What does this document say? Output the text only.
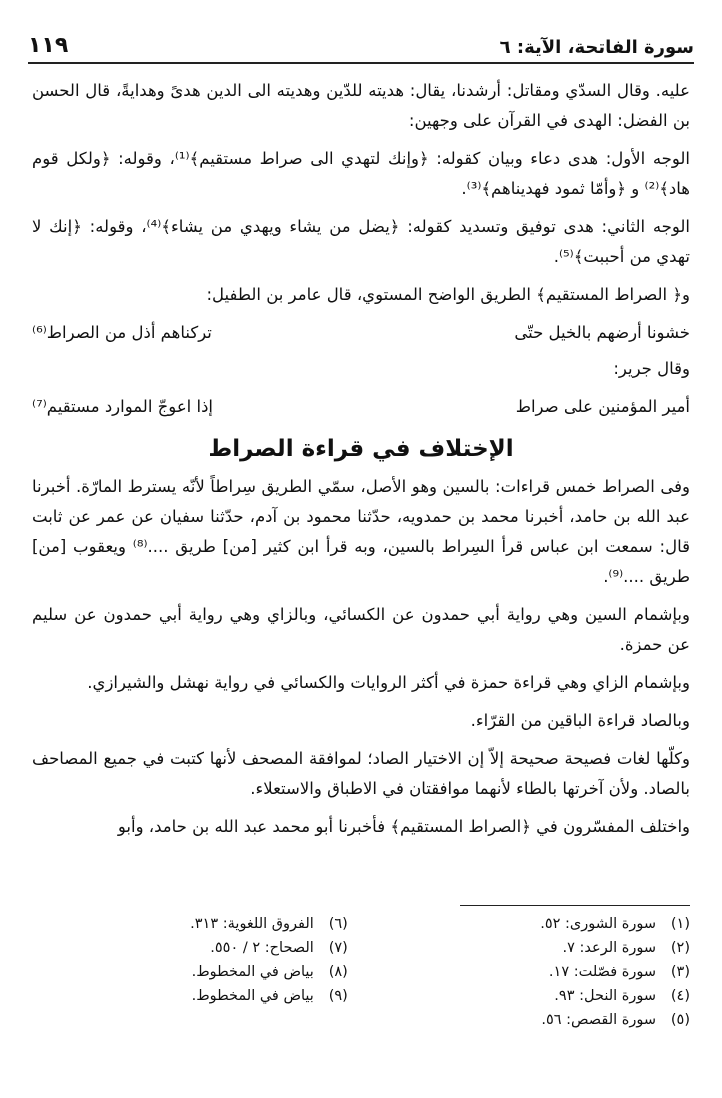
سورة الفاتحة، الآية: ٦
١١٩

عليه. وقال السدّي ومقاتل: أرشدنا، يقال: هديته للدّين وهديته الى الدين هدىً وهدايةً، قال الحسن بن الفضل: الهدى في القرآن على وجهين:

الوجه الأول: هدى دعاء وبيان كقوله: ﴿وإنك لتهدي الى صراط مستقيم﴾⁽¹⁾، وقوله: ﴿ولكل قوم هاد﴾⁽²⁾ و ﴿وأمّا ثمود فهديناهم﴾⁽³⁾.

الوجه الثاني: هدى توفيق وتسديد كقوله: ﴿يضل من يشاء ويهدي من يشاء﴾⁽⁴⁾، وقوله: ﴿إنك لا تهدي من أحببت﴾⁽⁵⁾.

و﴿ الصراط المستقيم﴾ الطريق الواضح المستوي، قال عامر بن الطفيل:

خشونا أرضهم بالخيل حتّى
تركناهم أذل من الصراط⁽⁶⁾

وقال جرير:

أمير المؤمنين على صراط
إذا اعوجّ الموارد مستقيم⁽⁷⁾
الإختلاف في قراءة الصراط

وفى الصراط خمس قراءات: بالسين وهو الأصل، سمّي الطريق سِراطاً لأنّه يسترط المارّة. أخبرنا عبد الله بن حامد، أخبرنا محمد بن حمدويه، حدّثنا محمود بن آدم، حدّثنا سفيان عن عمر عن ثابت قال: سمعت ابن عباس قرأ السِراط بالسين، وبه قرأ ابن كثير [من] طريق ....⁽⁸⁾ ويعقوب [من] طريق ....⁽⁹⁾.

وبإشمام السين وهي رواية أبي حمدون عن الكسائي، وبالزاي وهي رواية أبي حمدون عن سليم عن حمزة.

وبإشمام الزاي وهي قراءة حمزة في أكثر الروايات والكسائي في رواية نهشل والشيرازي.

وبالصاد قراءة الباقين من القرّاء.

وكلّها لغات فصيحة صحيحة إلاّ إن الاختيار الصاد؛ لموافقة المصحف لأنها كتبت في جميع المصاحف بالصاد. ولأن آخرتها بالطاء لأنهما موافقتان في الاطباق والاستعلاء.

واختلف المفسّرون في ﴿الصراط المستقيم﴾ فأخبرنا أبو محمد عبد الله بن حامد، وأبو

(١)سورة الشورى: ٥٢.
(٢)سورة الرعد: ٧.
(٣)سورة فصّلت: ١٧.
(٤)سورة النحل: ٩٣.
(٥)سورة القصص: ٥٦.
(٦)الفروق اللغوية: ٣١٣.
(٧)الصحاح: ٢ / ٥٥٠.
(٨)بياض في المخطوط.
(٩)بياض في المخطوط.
